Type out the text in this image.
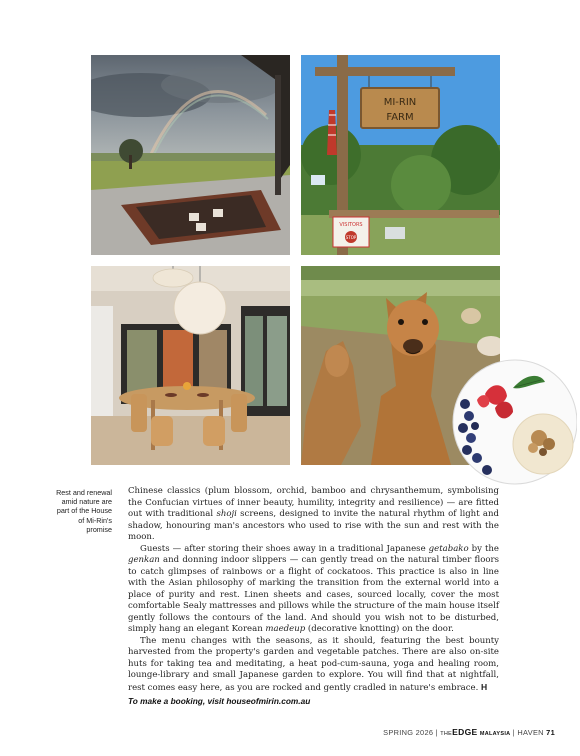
MI-RIN
FARM
VISITORS
STOP
Rest and renewal amid nature are part of the House of Mi-Rin's promise

Chinese classics (plum blossom, orchid, bamboo and chrysanthemum, symbolising the Confucian virtues of inner beauty, humility, integrity and resilience) — are fitted out with traditional shoji screens, designed to invite the natural rhythm of light and shadow, honouring man's ancestors who used to rise with the sun and rest with the moon.

Guests — after storing their shoes away in a traditional Japanese getabako by the genkan and donning indoor slippers — can gently tread on the natural timber floors to catch glimpses of rainbows or a flight of cockatoos. This practice is also in line with the Asian philosophy of marking the transition from the external world into a place of purity and rest. Linen sheets and cases, sourced locally, cover the most comfortable Sealy mattresses and pillows while the structure of the main house itself gently follows the contours of the land. And should you wish not to be disturbed, simply hang an elegant Korean maedeup (decorative knotting) on the door.

The menu changes with the seasons, as it should, featuring the best bounty harvested from the property's garden and vegetable patches. There are also on-site huts for taking tea and meditating, a heat pod-cum-sauna, yoga and healing room, lounge-library and small Japanese garden to explore. You will find that at nightfall, rest comes easy here, as you are rocked and gently cradled in nature's embrace. H

To make a booking, visit houseofmirin.com.au
SPRING 2026 | THEEDGE MALAYSIA | HAVEN 71
